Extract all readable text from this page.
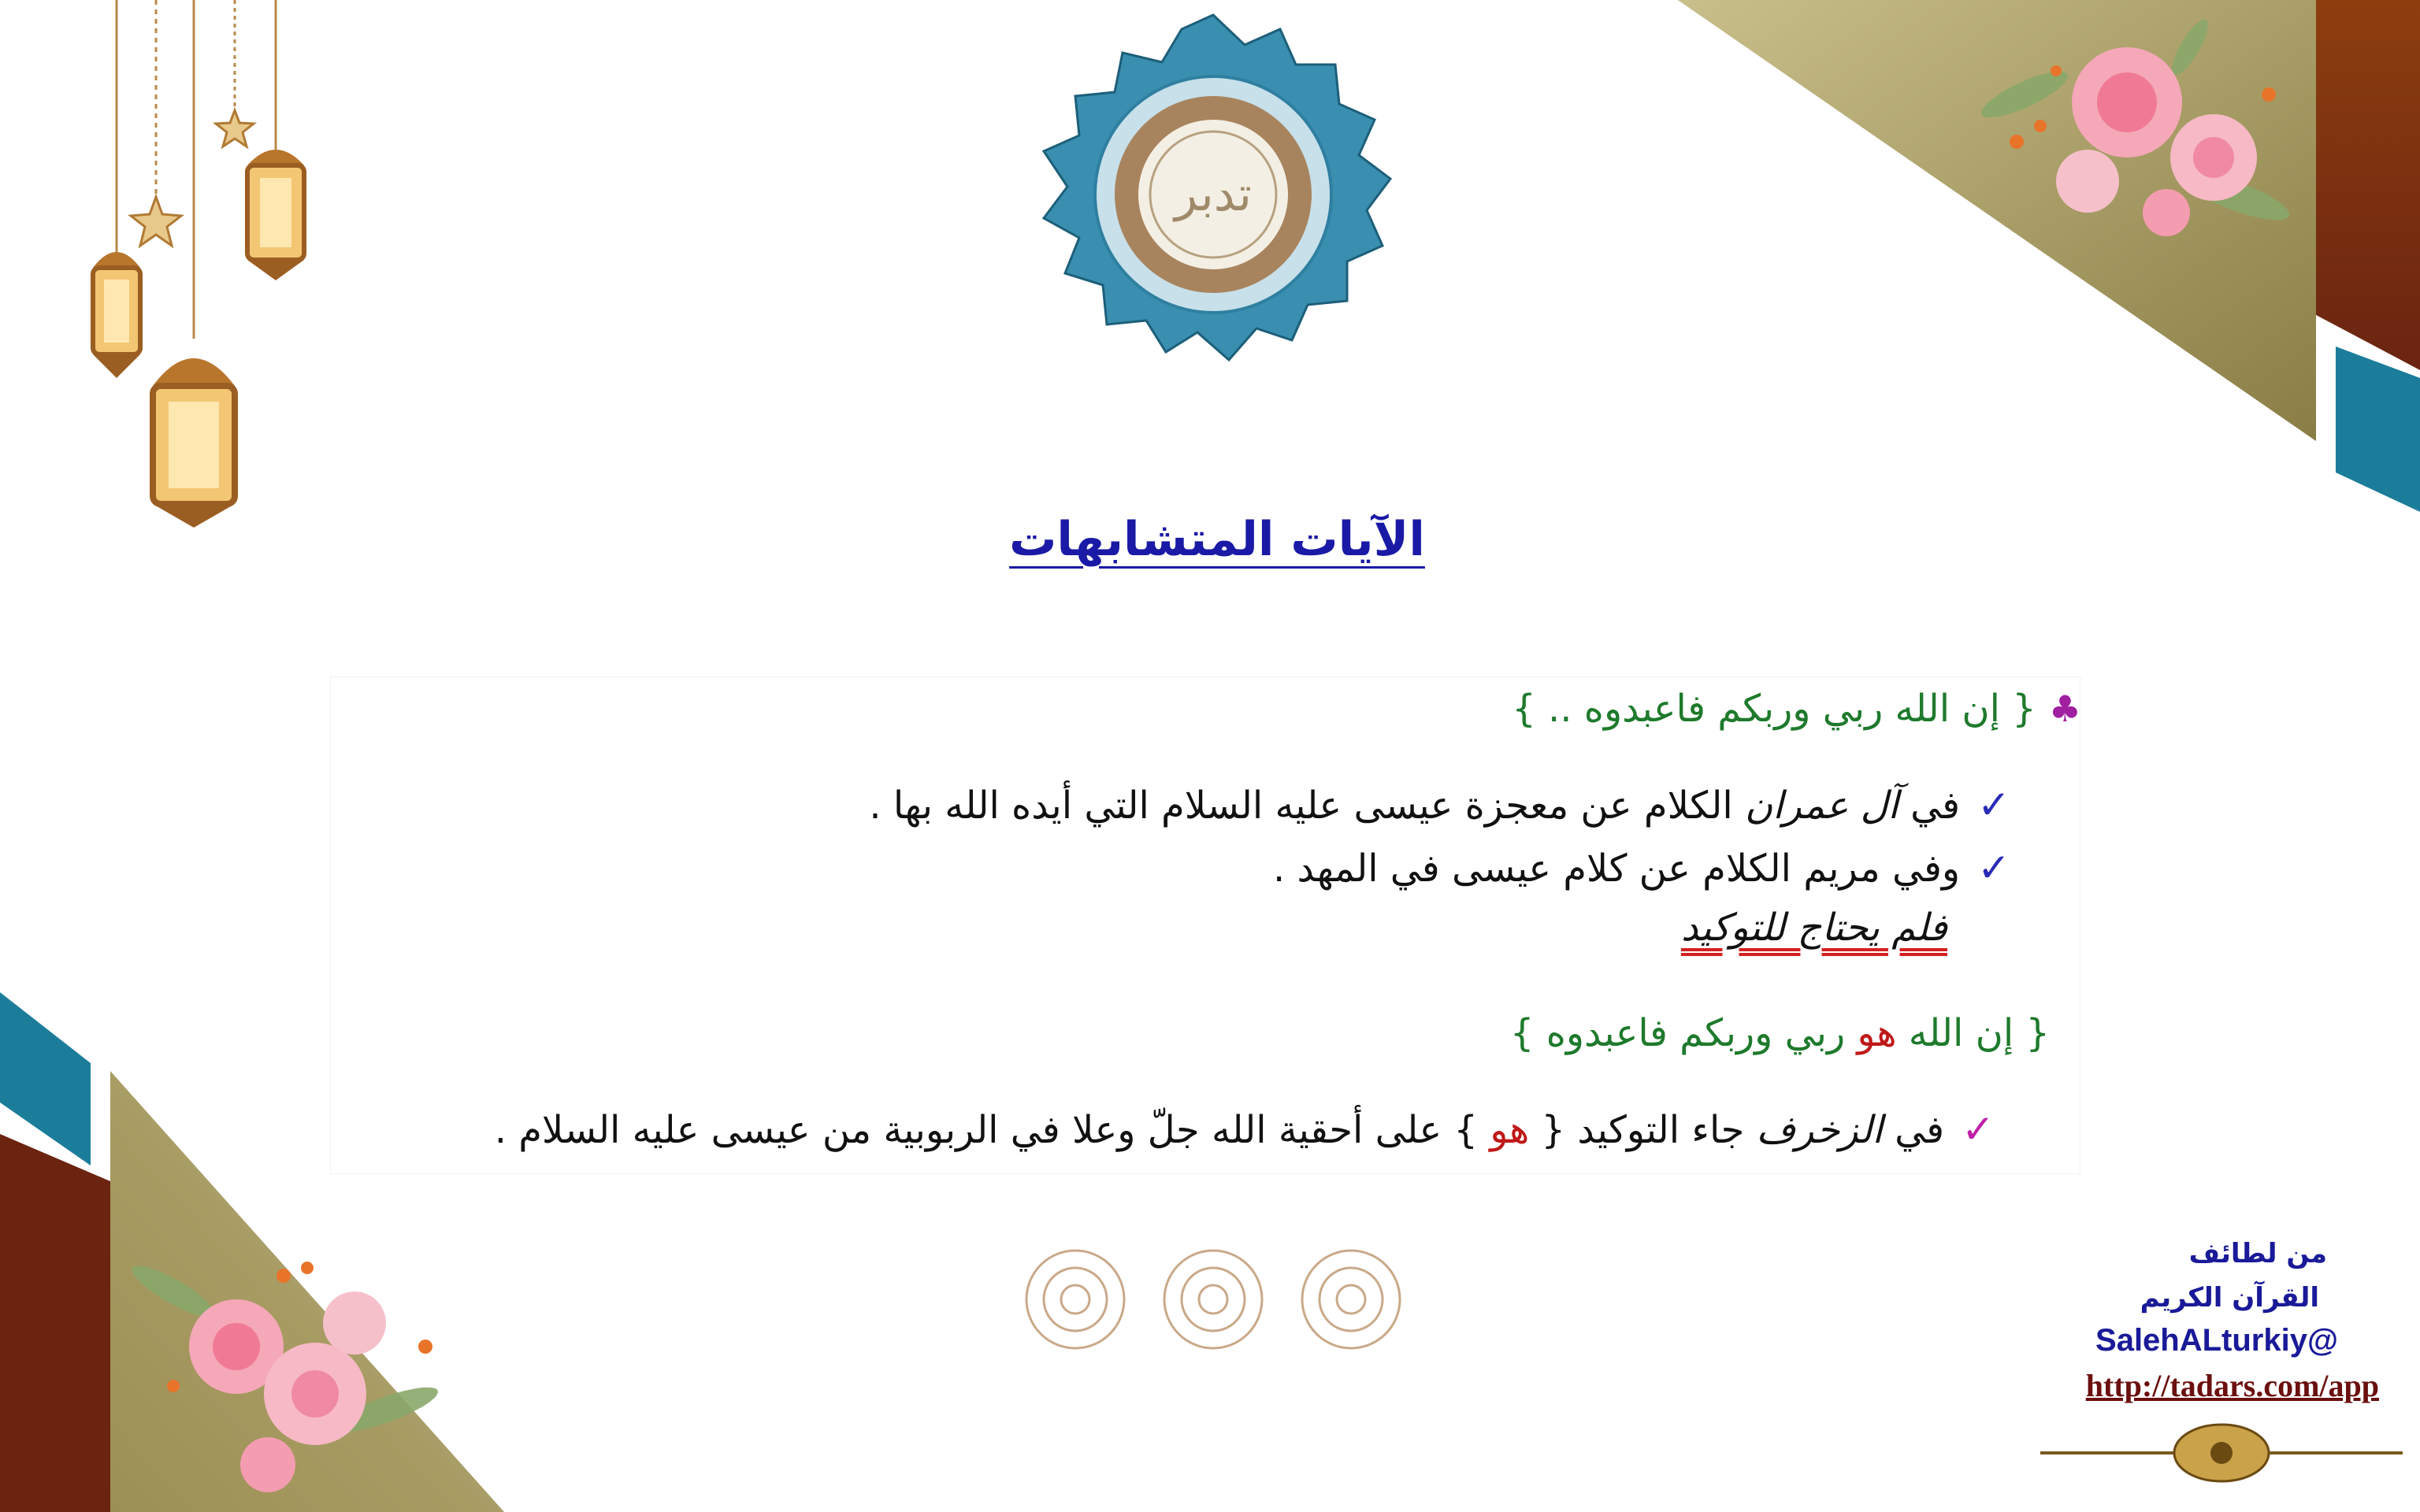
تدبر
الآيات المتشابهات
♣{ إن الله ربي وربكم فاعبدوه .. }
✓في آل عمران الكلام عن معجزة عيسى عليه السلام التي أيده الله بها .
✓وفي مريم الكلام عن كلام عيسى في المهد .
فلم يحتاج للتوكيد
{ إن الله هو ربي وربكم فاعبدوه }
✓في الزخرف جاء التوكيد { هو } على أحقية الله جلّ وعلا في الربوبية من عيسى عليه السلام .
من لطائف
القرآن الكريم
@SalehALturkiy
http://tadars.com/app
